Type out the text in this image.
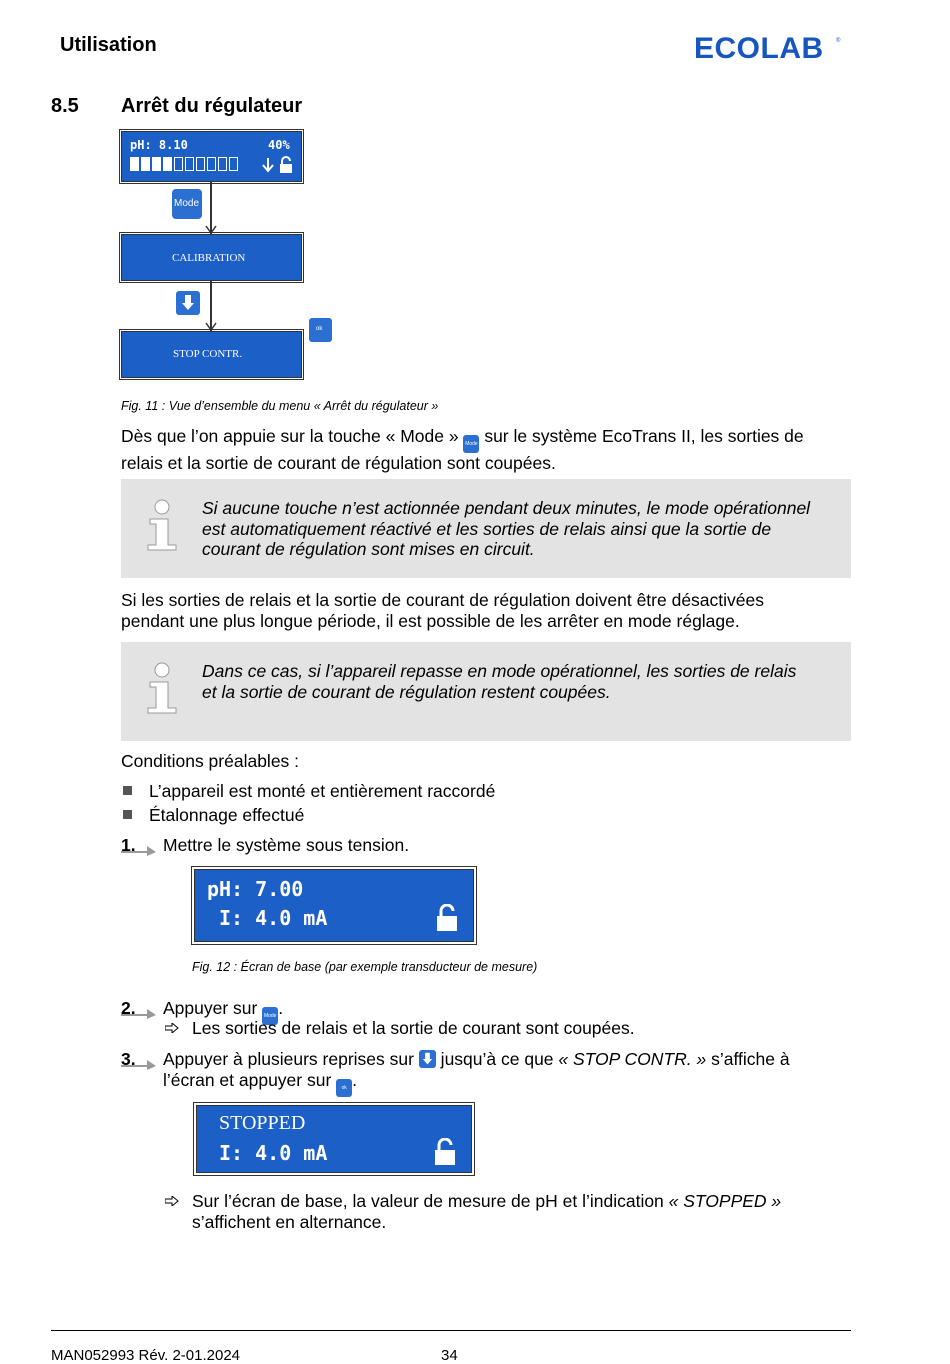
Utilisation	ECOLAB ®
8.5 Arrêt du régulateur
pH: 8.10	40%
Mode
CALIBRATION
ok
STOP CONTR.
Fig. 11 : Vue d’ensemble du menu « Arrêt du régulateur »
Dès que l’on appuie sur la touche « Mode » Mode sur le système EcoTrans II, les sorties de
relais et la sortie de courant de régulation sont coupées.
Si aucune touche n’est actionnée pendant deux minutes, le mode opérationnel
est automatiquement réactivé et les sorties de relais ainsi que la sortie de
courant de régulation sont mises en circuit.
Si les sorties de relais et la sortie de courant de régulation doivent être désactivées
pendant une plus longue période, il est possible de les arrêter en mode réglage.
Dans ce cas, si l’appareil repasse en mode opérationnel, les sorties de relais
et la sortie de courant de régulation restent coupées.
Conditions préalables :
L’appareil est monté et entièrement raccordé
Étalonnage effectué
1. Mettre le système sous tension.
pH: 7.00
I: 4.0 mA
Fig. 12 : Écran de base (par exemple transducteur de mesure)
2. Appuyer sur Mode .
Les sorties de relais et la sortie de courant sont coupées.
3. Appuyer à plusieurs reprises sur
jusqu’à ce que « STOP CONTR. » s’affiche à
l’écran et appuyer sur ok .
STOPPED
I: 4.0 mA
Sur l’écran de base, la valeur de mesure de pH et l’indication « STOPPED »
s’affichent en alternance.
MAN052993 Rév. 2-01.2024	34
